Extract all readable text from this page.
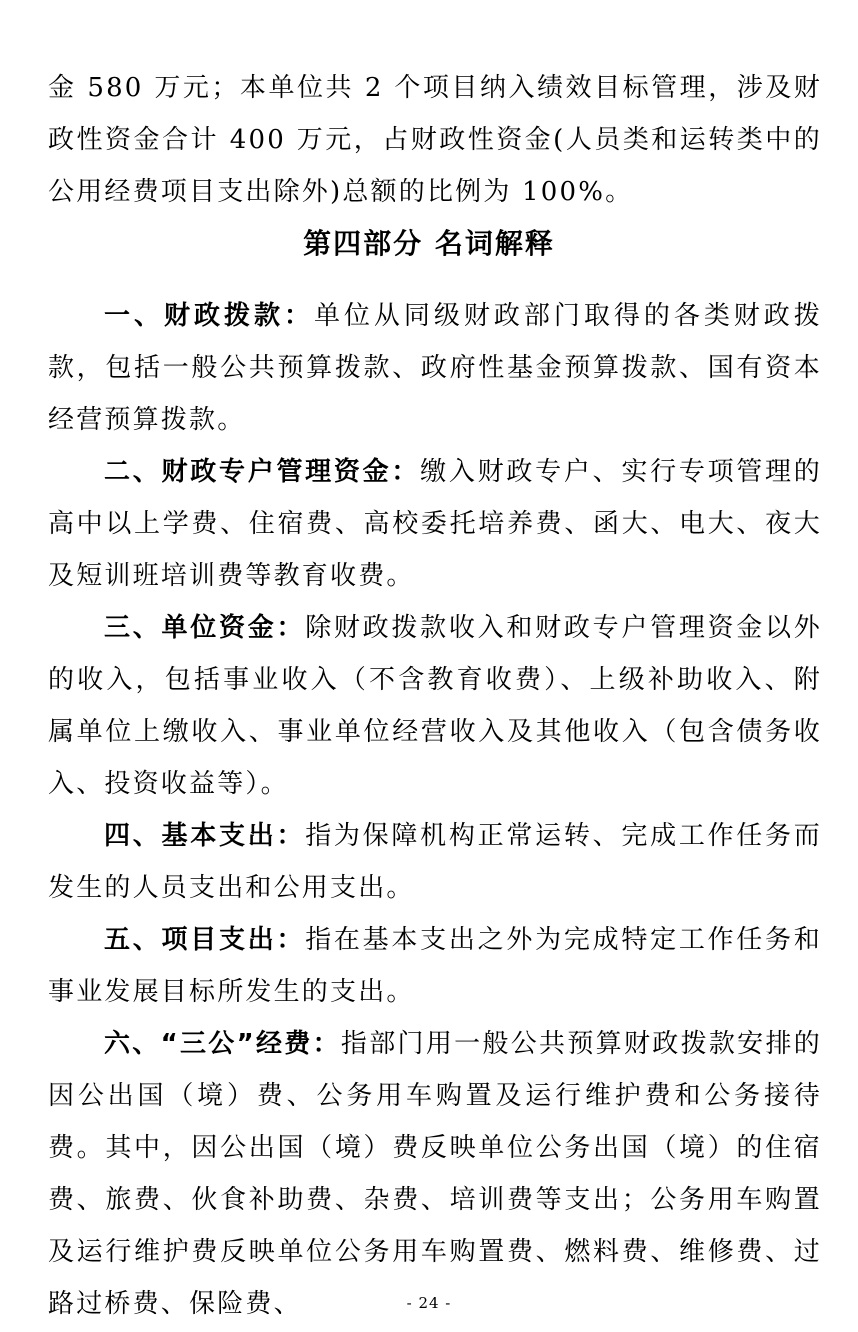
金 580 万元；本单位共 2 个项目纳入绩效目标管理，涉及财政性资金合计 400 万元，占财政性资金(人员类和运转类中的公用经费项目支出除外)总额的比例为 100%。

第四部分 名词解释

一、财政拨款：单位从同级财政部门取得的各类财政拨款，包括一般公共预算拨款、政府性基金预算拨款、国有资本经营预算拨款。

二、财政专户管理资金：缴入财政专户、实行专项管理的高中以上学费、住宿费、高校委托培养费、函大、电大、夜大及短训班培训费等教育收费。

三、单位资金：除财政拨款收入和财政专户管理资金以外的收入，包括事业收入（不含教育收费）、上级补助收入、附属单位上缴收入、事业单位经营收入及其他收入（包含债务收入、投资收益等）。

四、基本支出：指为保障机构正常运转、完成工作任务而发生的人员支出和公用支出。

五、项目支出：指在基本支出之外为完成特定工作任务和事业发展目标所发生的支出。

六、“三公”经费：指部门用一般公共预算财政拨款安排的因公出国（境）费、公务用车购置及运行维护费和公务接待费。其中，因公出国（境）费反映单位公务出国（境）的住宿费、旅费、伙食补助费、杂费、培训费等支出；公务用车购置及运行维护费反映单位公务用车购置费、燃料费、维修费、过路过桥费、保险费、	- 24 -
